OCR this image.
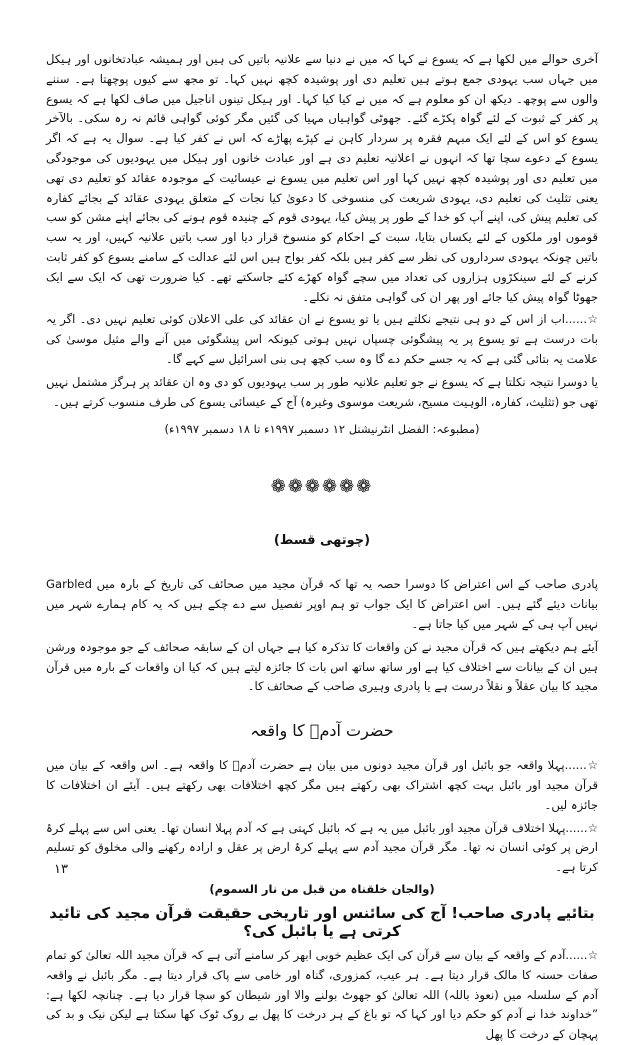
آخری حوالے میں لکھا ہے کہ یسوع نے کہا کہ میں نے دنیا سے علانیہ باتیں کی ہیں اور ہمیشہ عبادتخانوں اور ہیکل میں جہاں سب یہودی جمع ہوتے ہیں تعلیم دی اور پوشیدہ کچھ نہیں کہا۔ تو مجھ سے کیوں پوچھتا ہے۔ سننے والوں سے پوچھ۔ دیکھ ان کو معلوم ہے کہ میں نے کیا کیا کہا۔ اور ہیکل تینوں اناجیل میں صاف لکھا ہے کہ یسوع پر کفر کے ثبوت کے لئے گواہ پکڑے گئے۔ جھوٹی گواہیاں مہیا کی گئیں مگر کوئی گواہی قائم نہ رہ سکی۔ بالآخر یسوع کو اس کے لئے ایک مبہم فقرہ پر سردار کاہن نے کپڑے پھاڑے کہ اس نے کفر کیا ہے۔ سوال یہ ہے کہ اگر یسوع کے دعوے سچا تھا کہ انہوں نے اعلانیہ تعلیم دی ہے اور عبادت خانوں اور ہیکل میں یہودیوں کی موجودگی میں تعلیم دی اور پوشیدہ کچھ نہیں کہا اور اس تعلیم میں یسوع نے عیسائیت کے موجودہ عقائد کو تعلیم دی تھی یعنی تثلیث کی تعلیم دی، یہودی شریعت کی منسوخی کا دعویٰ کیا نجات کے متعلق یہودی عقائد کے بجائے کفارہ کی تعلیم پیش کی، اپنے آپ کو خدا کے طور پر پیش کیا، یہودی قوم کے چنیدہ قوم ہونے کی بجائے اپنے مشن کو سب قوموں اور ملکوں کے لئے یکساں بتایا، سبت کے احکام کو منسوخ قرار دیا اور سب باتیں علانیہ کہیں، اور یہ سب باتیں چونکہ یہودی سرداروں کی نظر سے کفر ہیں بلکہ کفر بواح ہیں اس لئے عدالت کے سامنے یسوع کو کفر ثابت کرنے کے لئے سینکڑوں ہزاروں کی تعداد میں سچے گواہ کھڑے کئے جاسکتے تھے۔ کیا ضرورت تھی کہ ایک سے ایک جھوٹا گواہ پیش کیا جائے اور پھر ان کی گواہی متفق نہ نکلے۔

☆......اب از اس کے دو ہی نتیجے نکلتے ہیں یا تو یسوع نے ان عقائد کی علی الاعلان کوئی تعلیم نہیں دی۔ اگر یہ بات درست ہے تو یسوع پر یہ پیشگوئی چسپاں نہیں ہوتی کیونکہ اس پیشگوئی میں آنے والے مثیل موسیٰ کی علامت یہ بتائی گئی ہے کہ یہ جسے حکم دے گا وہ سب کچھ ہی بنی اسرائیل سے کہے گا۔

یا دوسرا نتیجہ نکلتا ہے کہ یسوع نے جو تعلیم علانیہ طور پر سب یہودیوں کو دی وہ ان عقائد پر ہرگز مشتمل نہیں تھی جو (تثلیث، کفارہ، الوہیت مسیح، شریعت موسوی وغیرہ) آج کے عیسائی یسوع کی طرف منسوب کرتے ہیں۔

(مطبوعہ: الفضل انٹرنیشنل ۱۲ دسمبر ۱۹۹۷ء تا ۱۸ دسمبر ۱۹۹۷ء)

❁❁❁❁❁❁
(چوتھی قسط)

پادری صاحب کے اس اعتراض کا دوسرا حصہ یہ تھا کہ قرآن مجید میں صحائف کی تاریخ کے بارہ میں Garbled بیانات دیئے گئے ہیں۔ اس اعتراض کا ایک جواب تو ہم اوپر تفصیل سے دے چکے ہیں کہ یہ کام ہمارے شہر میں نہیں آپ ہی کے شہر میں کیا جاتا ہے۔

آیئے ہم دیکھتے ہیں کہ قرآن مجید نے کن واقعات کا تذکرہ کیا ہے جہاں ان کے سابقہ صحائف کے جو موجودہ ورشن ہیں ان کے بیانات سے اختلاف کیا ہے اور ساتھ ساتھ اس بات کا جائزہ لیتے ہیں کہ کیا ان واقعات کے بارہ میں قرآن مجید کا بیان عقلاً و نقلاً درست ہے یا پادری وہیری صاحب کے صحائف کا۔

حضرت آدمؑ کا واقعہ

☆......پہلا واقعہ جو بائبل اور قرآن مجید دونوں میں بیان ہے حضرت آدمؑ کا واقعہ ہے۔ اس واقعہ کے بیان میں قرآن مجید اور بائبل بہت کچھ اشتراک بھی رکھتے ہیں مگر کچھ اختلافات بھی رکھتے ہیں۔ آیئے ان اختلافات کا جائزہ لیں۔

☆......پہلا اختلاف قرآن مجید اور بائبل میں یہ ہے کہ بائبل کہتی ہے کہ آدم پہلا انسان تھا۔ یعنی اس سے پہلے کرۂ ارض پر کوئی انسان نہ تھا۔ مگر قرآن مجید آدم سے پہلے کرۂ ارض پر عقل و ارادہ رکھنے والی مخلوق کو تسلیم کرتا ہے۔

(والجان خلقناہ من قبل من نار السموم)
بتائیے پادری صاحب! آج کی سائنس اور تاریخی حقیقت قرآن مجید کی تائید کرتی ہے یا بائبل کی؟

☆......آدم کے واقعہ کے بیان سے قرآن کی ایک عظیم خوبی ابھر کر سامنے آتی ہے کہ قرآن مجید اللہ تعالیٰ کو تمام صفات حسنہ کا مالک قرار دیتا ہے۔ ہر عیب، کمزوری، گناہ اور خامی سے پاک قرار دیتا ہے۔ مگر بائبل نے واقعہ آدم کے سلسلہ میں (نعوذ باللہ) اللہ تعالیٰ کو جھوٹ بولنے والا اور شیطان کو سچا قرار دیا ہے۔ چنانچہ لکھا ہے: ”خداوند خدا نے آدم کو حکم دیا اور کہا کہ تو باغ کے ہر درخت کا پھل بے روک ٹوک کھا سکتا ہے لیکن نیک و بد کی پہچان کے درخت کا پھل

۱۳
